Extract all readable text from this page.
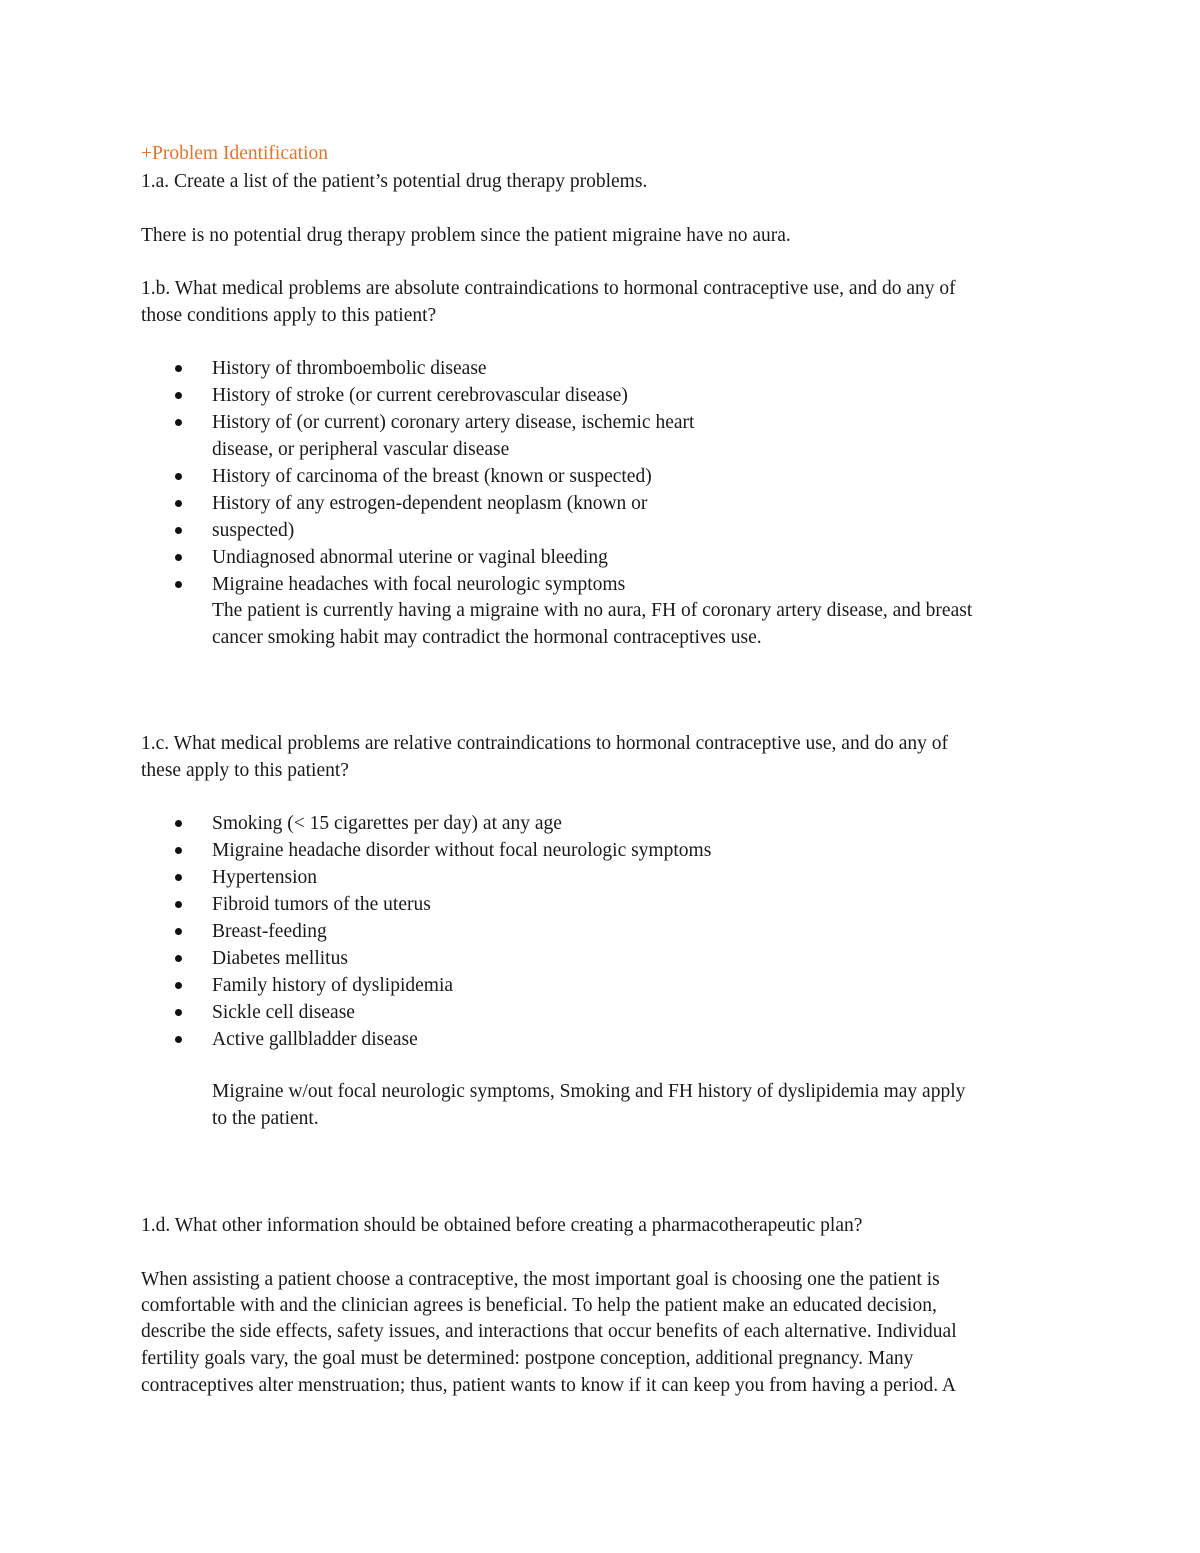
+Problem Identification
1.a. Create a list of the patient’s potential drug therapy problems.
There is no potential drug therapy problem since the patient migraine have no aura.
1.b. What medical problems are absolute contraindications to hormonal contraceptive use, and do any of
those conditions apply to this patient?
History of thromboembolic disease
History of stroke (or current cerebrovascular disease)
History of (or current) coronary artery disease, ischemic heart
disease, or peripheral vascular disease
History of carcinoma of the breast (known or suspected)
History of any estrogen-dependent neoplasm (known or
suspected)
Undiagnosed abnormal uterine or vaginal bleeding
Migraine headaches with focal neurologic symptoms
The patient is currently having a migraine with no aura, FH of coronary artery disease, and breast
cancer smoking habit may contradict the hormonal contraceptives use.
1.c. What medical problems are relative contraindications to hormonal contraceptive use, and do any of
these apply to this patient?
Smoking (< 15 cigarettes per day) at any age
Migraine headache disorder without focal neurologic symptoms
Hypertension
Fibroid tumors of the uterus
Breast-feeding
Diabetes mellitus
Family history of dyslipidemia
Sickle cell disease
Active gallbladder disease
Migraine w/out focal neurologic symptoms, Smoking and FH history of dyslipidemia may apply
to the patient.
1.d. What other information should be obtained before creating a pharmacotherapeutic plan?
When assisting a patient choose a contraceptive, the most important goal is choosing one the patient is
comfortable with and the clinician agrees is beneficial. To help the patient make an educated decision,
describe the side effects, safety issues, and interactions that occur benefits of each alternative. Individual
fertility goals vary, the goal must be determined: postpone conception, additional pregnancy. Many
contraceptives alter menstruation; thus, patient wants to know if it can keep you from having a period. A
